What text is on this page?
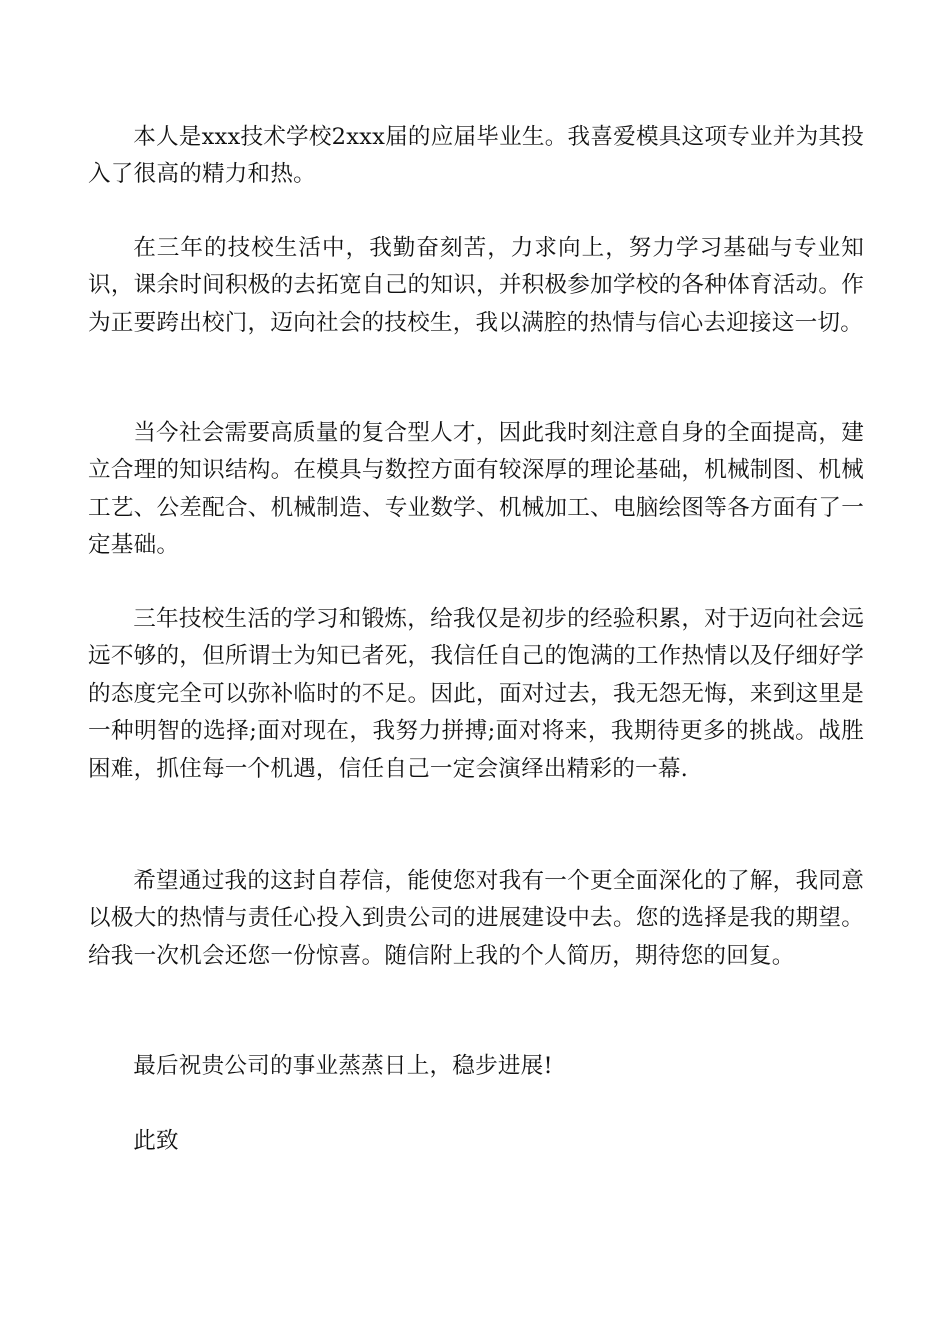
本人是xxx技术学校2xxx届的应届毕业生。我喜爱模具这项专业并为其投入了很高的精力和热。

在三年的技校生活中，我勤奋刻苦，力求向上，努力学习基础与专业知识，课余时间积极的去拓宽自己的知识，并积极参加学校的各种体育活动。作为正要跨出校门，迈向社会的技校生，我以满腔的热情与信心去迎接这一切。

当今社会需要高质量的复合型人才，因此我时刻注意自身的全面提高，建立合理的知识结构。在模具与数控方面有较深厚的理论基础，机械制图、机械工艺、公差配合、机械制造、专业数学、机械加工、电脑绘图等各方面有了一定基础。

三年技校生活的学习和锻炼，给我仅是初步的经验积累，对于迈向社会远远不够的，但所谓士为知已者死，我信任自己的饱满的工作热情以及仔细好学的态度完全可以弥补临时的不足。因此，面对过去，我无怨无悔，来到这里是一种明智的选择;面对现在，我努力拼搏;面对将来，我期待更多的挑战。战胜困难，抓住每一个机遇，信任自己一定会演绎出精彩的一幕.

希望通过我的这封自荐信，能使您对我有一个更全面深化的了解，我同意以极大的热情与责任心投入到贵公司的进展建设中去。您的选择是我的期望。给我一次机会还您一份惊喜。随信附上我的个人简历，期待您的回复。

最后祝贵公司的事业蒸蒸日上，稳步进展!

此致
